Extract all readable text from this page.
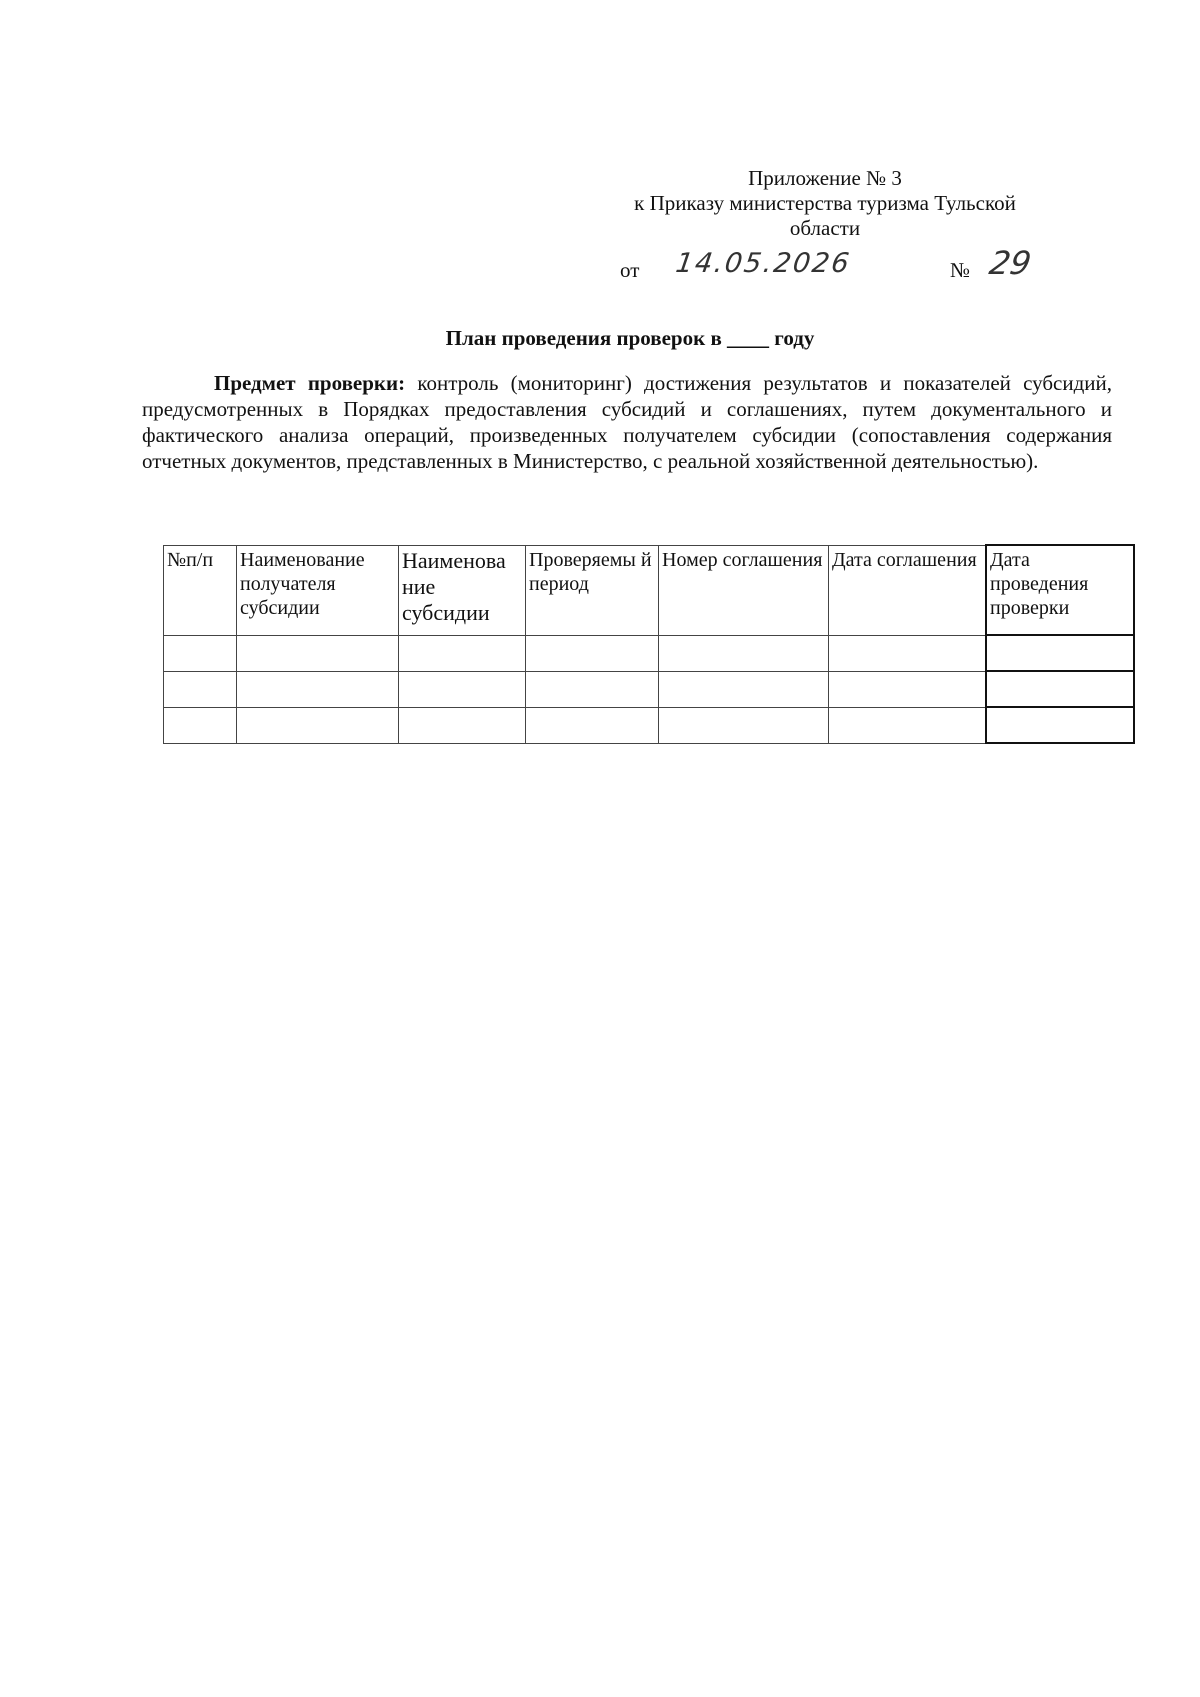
Приложение № 3
к Приказу министерства туризма Тульской
области
от 14.05.2026	№ 29
План проведения проверок в ____ году
Предмет проверки: контроль (мониторинг) достижения результатов и показателей субсидий, предусмотренных в Порядках предоставления субсидий и соглашениях, путем документального и фактического анализа операций, произведенных получателем субсидии (сопоставления содержания отчетных документов, представленных в Министерство, с реальной хозяйственной деятельностью).
№п/п	Наименование получателя субсидии	Наименова ние субсидии	Проверяемы й период	Номер соглашения	Дата соглашения	Дата проведения проверки
